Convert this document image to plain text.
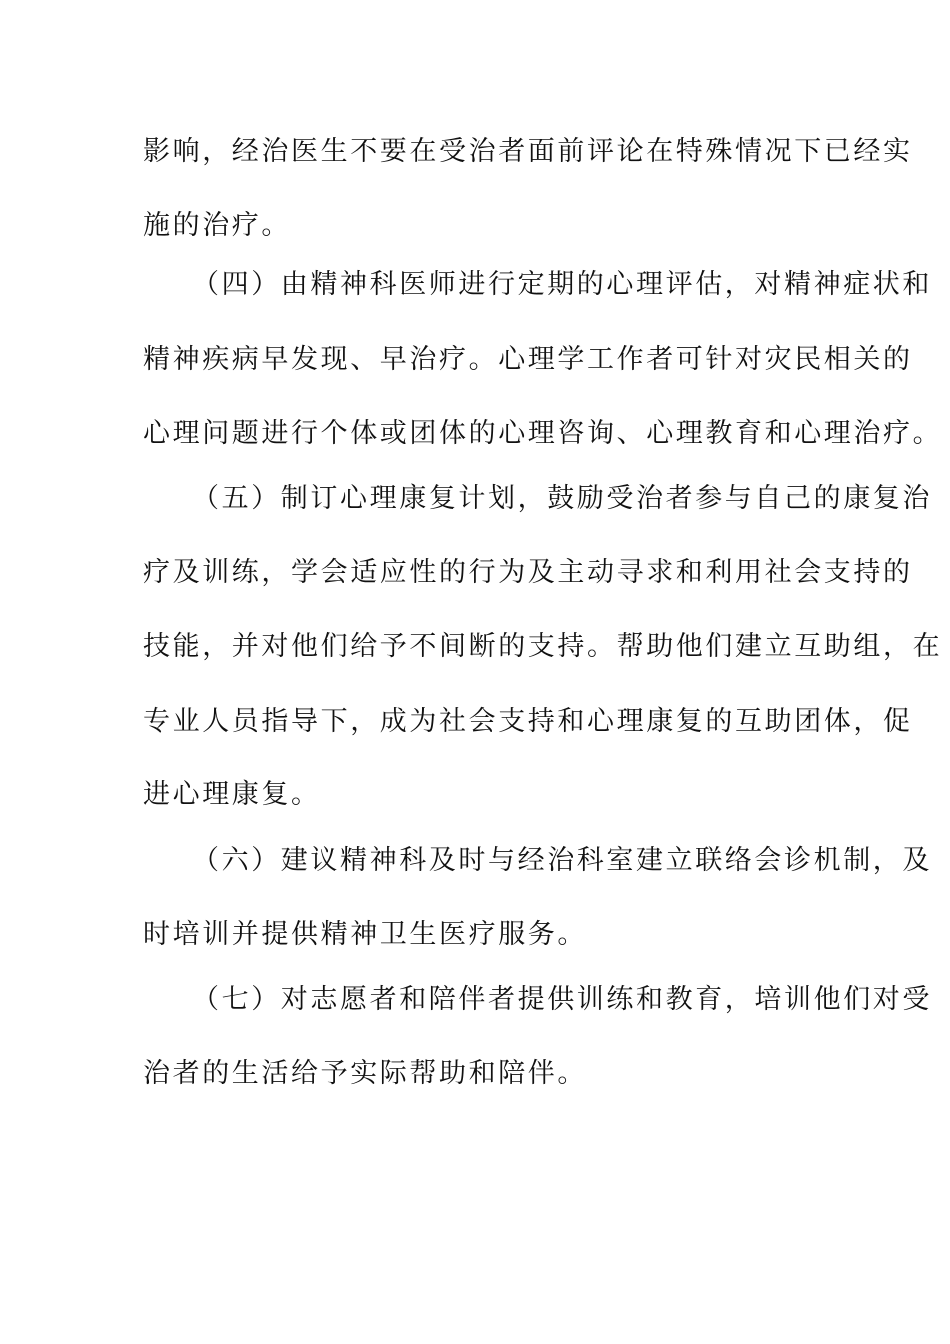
影响，经治医生不要在受治者面前评论在特殊情况下已经实
施的治疗。
（四）由精神科医师进行定期的心理评估，对精神症状和
精神疾病早发现、早治疗。心理学工作者可针对灾民相关的
心理问题进行个体或团体的心理咨询、心理教育和心理治疗。
（五）制订心理康复计划，鼓励受治者参与自己的康复治
疗及训练，学会适应性的行为及主动寻求和利用社会支持的
技能，并对他们给予不间断的支持。帮助他们建立互助组，在
专业人员指导下，成为社会支持和心理康复的互助团体，促
进心理康复。
（六）建议精神科及时与经治科室建立联络会诊机制，及
时培训并提供精神卫生医疗服务。
（七）对志愿者和陪伴者提供训练和教育，培训他们对受
治者的生活给予实际帮助和陪伴。
